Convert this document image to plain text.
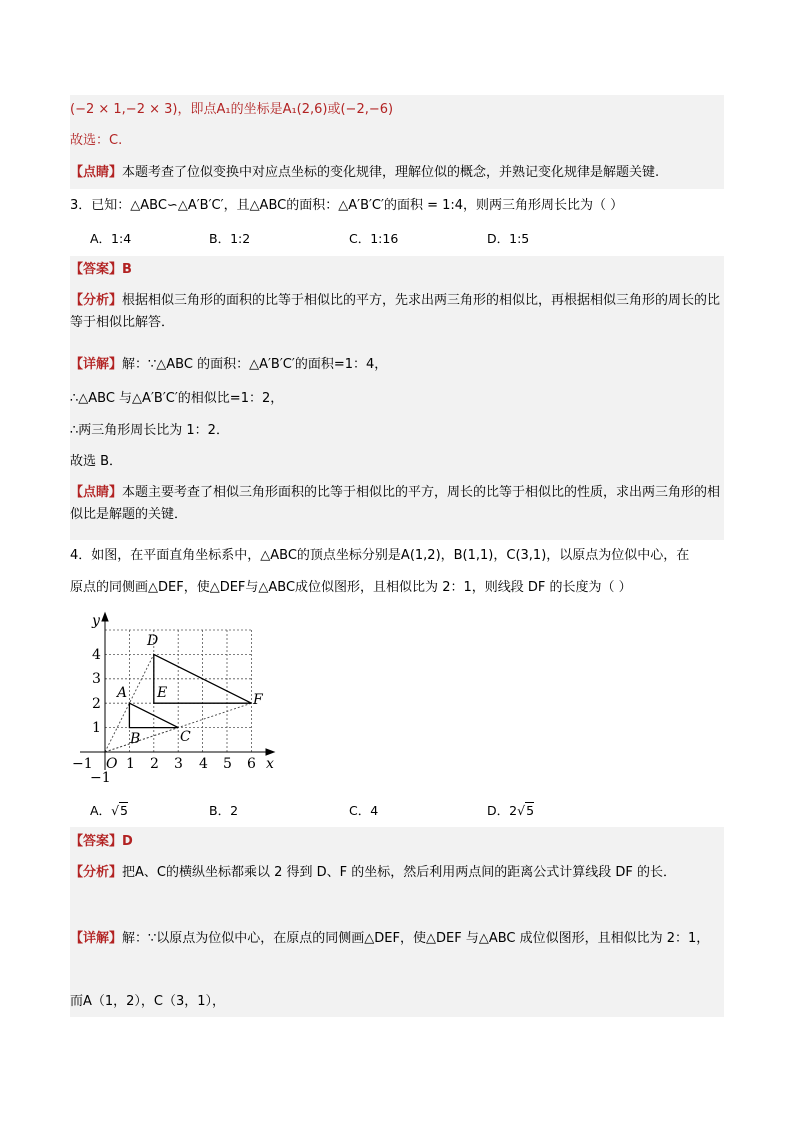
(−2 × 1,−2 × 3)，即点A₁的坐标是A₁(2,6)或(−2,−6)
故选：C.
【点睛】本题考查了位似变换中对应点坐标的变化规律，理解位似的概念，并熟记变化规律是解题关键.
3．已知：△ABC∽△A′B′C′，且△ABC的面积：△A′B′C′的面积 = 1:4，则两三角形周长比为（ ）
A．1:4	B．1:2	C．1:16	D．1:5
【答案】B
【分析】根据相似三角形的面积的比等于相似比的平方，先求出两三角形的相似比，再根据相似三角形的周长的比等于相似比解答．
【详解】解：∵△ABC 的面积：△A′B′C′的面积=1：4，
∴△ABC 与△A′B′C′的相似比=1：2，
∴两三角形周长比为 1：2．
故选 B．
【点睛】本题主要考查了相似三角形面积的比等于相似比的平方，周长的比等于相似比的性质，求出两三角形的相似比是解题的关键．
4．如图，在平面直角坐标系中，△ABC的顶点坐标分别是A(1,2)，B(1,1)，C(3,1)，以原点为位似中心，在
原点的同侧画△DEF，使△DEF与△ABC成位似图形，且相似比为 2：1，则线段 DF 的长度为（ ）
y
x
O
−1
−1
1 2 3 4 5 6
1
2
3
4
A
B	C
D
E	F
A．√5	B．2	C．4	D．2√5
【答案】D
【分析】把A、C的横纵坐标都乘以 2 得到 D、F 的坐标，然后利用两点间的距离公式计算线段 DF 的长．
【详解】解：∵以原点为位似中心，在原点的同侧画△DEF，使△DEF 与△ABC 成位似图形，且相似比为 2：1，
而A（1，2），C（3，1），
